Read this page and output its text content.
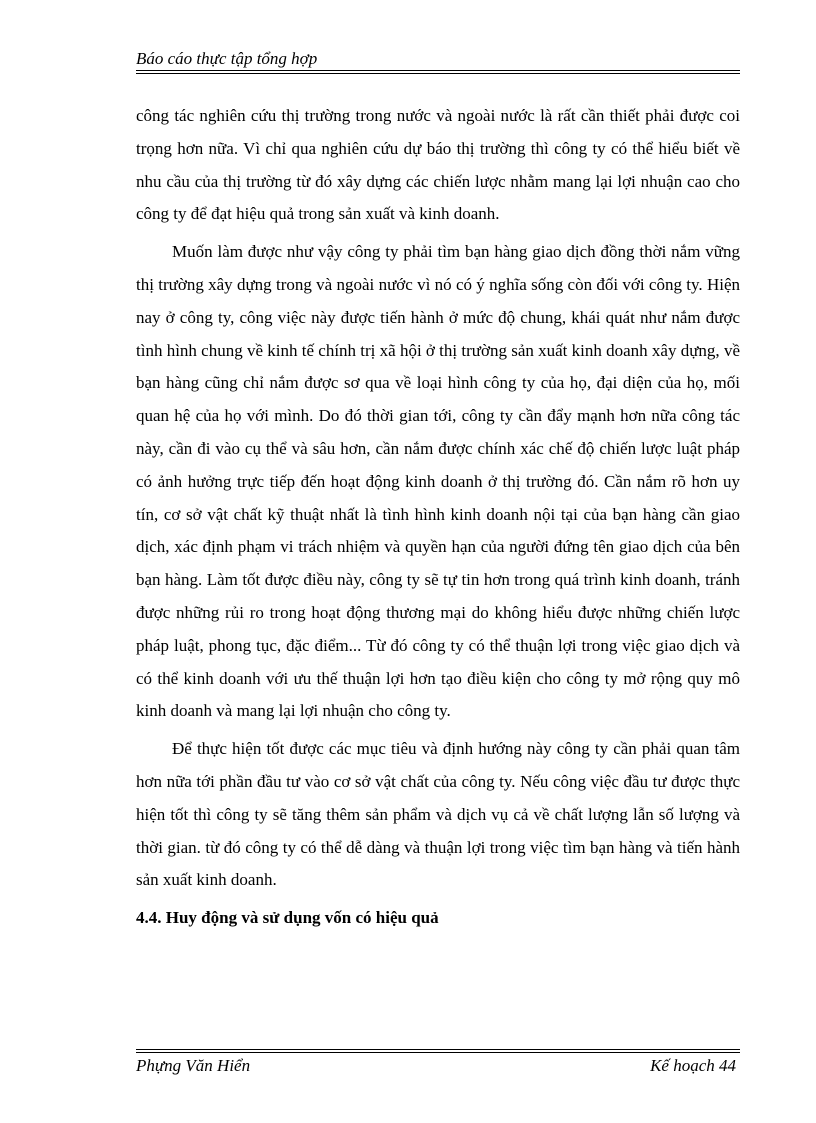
Báo cáo thực tập tổng hợp

công tác nghiên cứu thị trường trong nước và ngoài nước là rất cần thiết phải được coi trọng hơn nữa. Vì chỉ qua nghiên cứu dự báo thị trường thì công ty có thể hiểu biết về nhu cầu của thị trường từ đó xây dựng các chiến lược nhằm mang lại lợi nhuận cao cho công ty để đạt hiệu quả trong sản xuất và kinh doanh.

Muốn làm được như vậy công ty phải tìm bạn hàng giao dịch đồng thời nắm vững thị trường xây dựng trong và ngoài nước vì nó có ý nghĩa sống còn đối với công ty. Hiện nay ở công ty, công việc này được tiến hành ở mức độ chung, khái quát như nắm được tình hình chung về kinh tế chính trị xã hội ở thị trường sản xuất kinh doanh xây dựng, về bạn hàng cũng chỉ nắm được sơ qua về loại hình công ty của họ, đại diện của họ, mối quan hệ của họ với mình. Do đó thời gian tới, công ty cần đẩy mạnh hơn nữa công tác này, cần đi vào cụ thể và sâu hơn, cần nắm được chính xác chế độ chiến lược luật pháp có ảnh hưởng trực tiếp đến hoạt động kinh doanh ở thị trường đó. Cần nắm rõ hơn uy tín, cơ sở vật chất kỹ thuật nhất là tình hình kinh doanh nội tại của bạn hàng cần giao dịch, xác định phạm vi trách nhiệm và quyền hạn của người đứng tên giao dịch của bên bạn hàng. Làm tốt được điều này, công ty sẽ tự tin hơn trong quá trình kinh doanh, tránh được những rủi ro trong hoạt động thương mại do không hiểu được những chiến lược pháp luật, phong tục, đặc điểm... Từ đó công ty có thể thuận lợi trong việc giao dịch và có thể kinh doanh với ưu thế thuận lợi hơn tạo điều kiện cho công ty mở rộng quy mô kinh doanh và mang lại lợi nhuận cho công ty.

Để thực hiện tốt được các mục tiêu và định hướng này công ty cần phải quan tâm hơn nữa tới phần đầu tư vào cơ sở vật chất của công ty. Nếu công việc đầu tư được thực hiện tốt thì công ty sẽ tăng thêm sản phẩm và dịch vụ cả về chất lượng lẫn số lượng và thời gian. từ đó công ty có thể dễ dàng và thuận lợi trong việc tìm bạn hàng và tiến hành sản xuất kinh doanh.

4.4. Huy động và sử dụng vốn có hiệu quả
Phựng Văn Hiển	Kế hoạch 44
